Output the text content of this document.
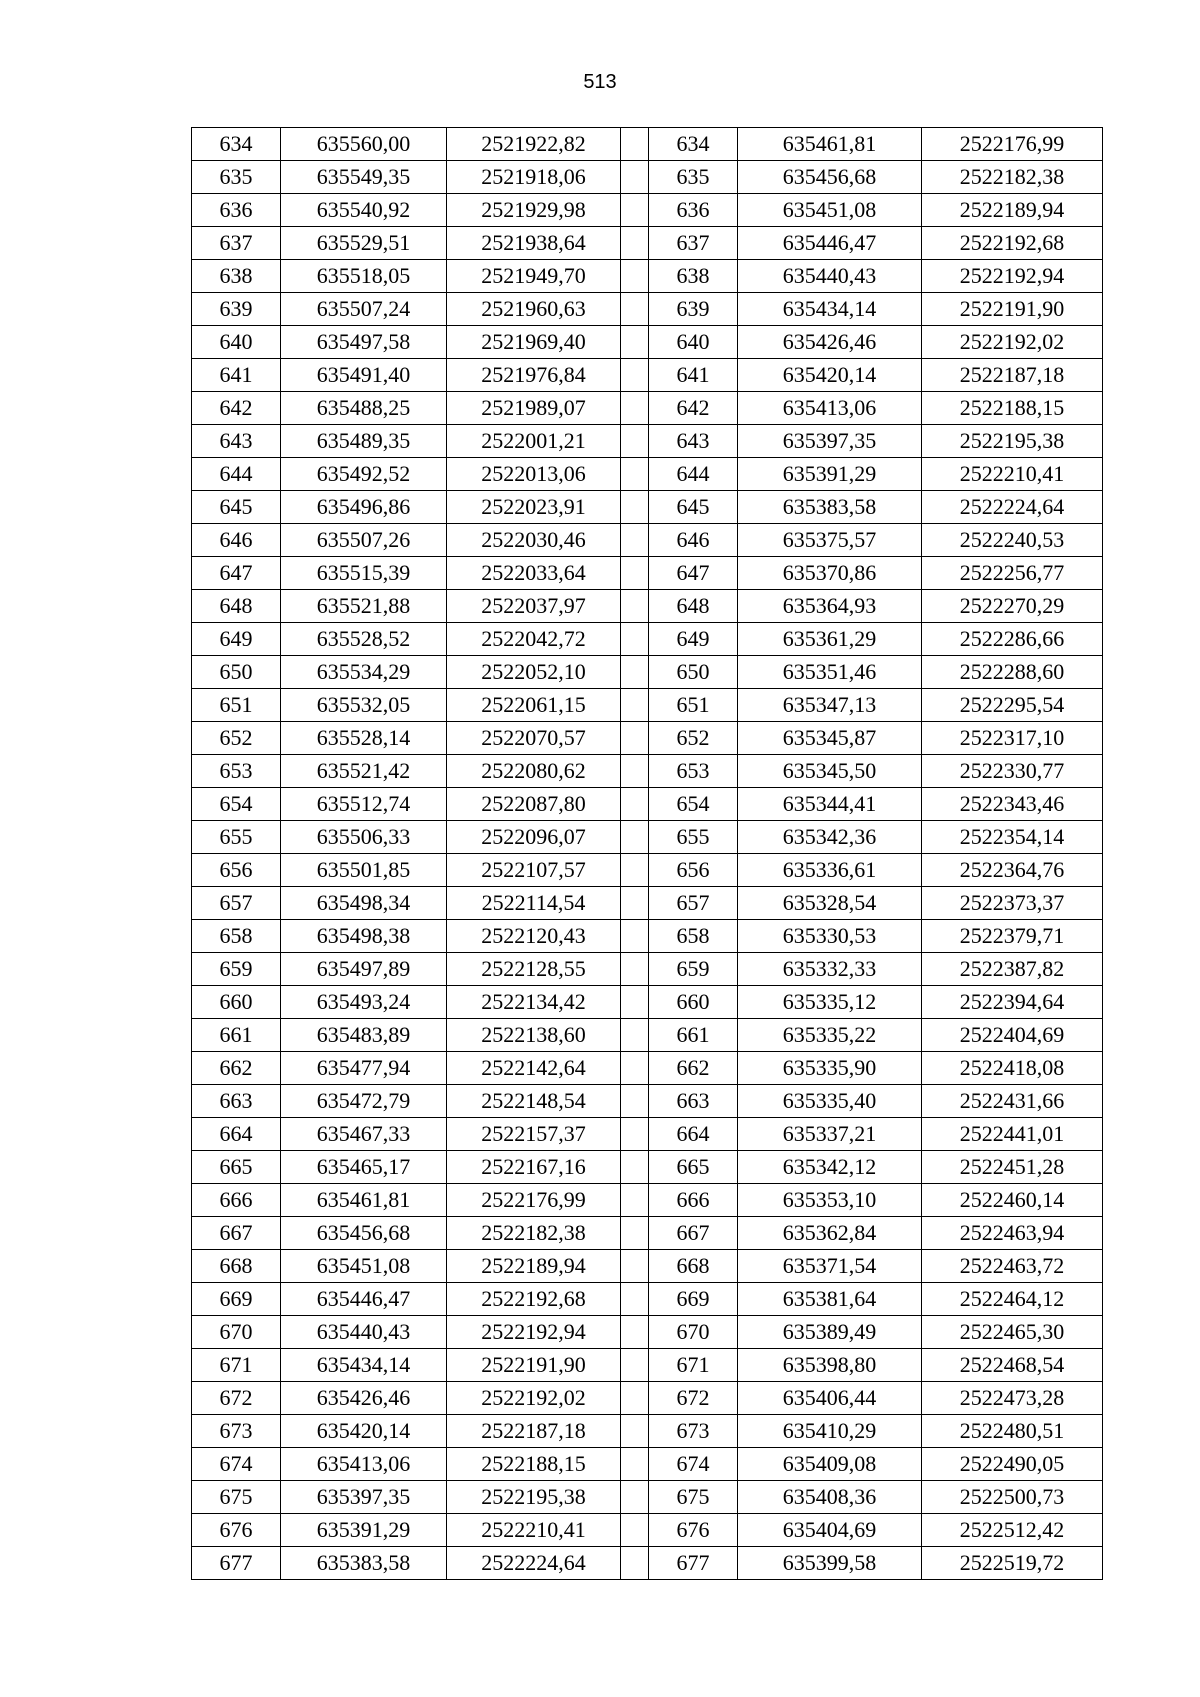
513
634	635560,00	2521922,82		634	635461,81	2522176,99
635	635549,35	2521918,06		635	635456,68	2522182,38
636	635540,92	2521929,98		636	635451,08	2522189,94
637	635529,51	2521938,64		637	635446,47	2522192,68
638	635518,05	2521949,70		638	635440,43	2522192,94
639	635507,24	2521960,63		639	635434,14	2522191,90
640	635497,58	2521969,40		640	635426,46	2522192,02
641	635491,40	2521976,84		641	635420,14	2522187,18
642	635488,25	2521989,07		642	635413,06	2522188,15
643	635489,35	2522001,21		643	635397,35	2522195,38
644	635492,52	2522013,06		644	635391,29	2522210,41
645	635496,86	2522023,91		645	635383,58	2522224,64
646	635507,26	2522030,46		646	635375,57	2522240,53
647	635515,39	2522033,64		647	635370,86	2522256,77
648	635521,88	2522037,97		648	635364,93	2522270,29
649	635528,52	2522042,72		649	635361,29	2522286,66
650	635534,29	2522052,10		650	635351,46	2522288,60
651	635532,05	2522061,15		651	635347,13	2522295,54
652	635528,14	2522070,57		652	635345,87	2522317,10
653	635521,42	2522080,62		653	635345,50	2522330,77
654	635512,74	2522087,80		654	635344,41	2522343,46
655	635506,33	2522096,07		655	635342,36	2522354,14
656	635501,85	2522107,57		656	635336,61	2522364,76
657	635498,34	2522114,54		657	635328,54	2522373,37
658	635498,38	2522120,43		658	635330,53	2522379,71
659	635497,89	2522128,55		659	635332,33	2522387,82
660	635493,24	2522134,42		660	635335,12	2522394,64
661	635483,89	2522138,60		661	635335,22	2522404,69
662	635477,94	2522142,64		662	635335,90	2522418,08
663	635472,79	2522148,54		663	635335,40	2522431,66
664	635467,33	2522157,37		664	635337,21	2522441,01
665	635465,17	2522167,16		665	635342,12	2522451,28
666	635461,81	2522176,99		666	635353,10	2522460,14
667	635456,68	2522182,38		667	635362,84	2522463,94
668	635451,08	2522189,94		668	635371,54	2522463,72
669	635446,47	2522192,68		669	635381,64	2522464,12
670	635440,43	2522192,94		670	635389,49	2522465,30
671	635434,14	2522191,90		671	635398,80	2522468,54
672	635426,46	2522192,02		672	635406,44	2522473,28
673	635420,14	2522187,18		673	635410,29	2522480,51
674	635413,06	2522188,15		674	635409,08	2522490,05
675	635397,35	2522195,38		675	635408,36	2522500,73
676	635391,29	2522210,41		676	635404,69	2522512,42
677	635383,58	2522224,64		677	635399,58	2522519,72
